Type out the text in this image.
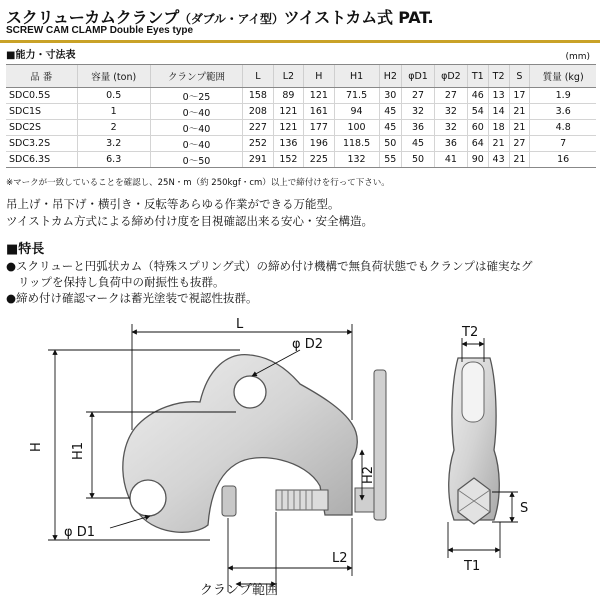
スクリューカムクランプ（ダブル・アイ型）ツイストカム式 PAT.
SCREW CAM CLAMP Double Eyes type
■能力・寸法表	(mm)
品 番	容量 (ton)	クランプ範囲	L	L2	H	H1	H2	φD1	φD2	T1	T2	S	質量 (kg)
SDC0.5S	0.5	0～25	158	89	121	71.5	30	27	27	46	13	17	1.9
SDC1S	1	0～40	208	121	161	94	45	32	32	54	14	21	3.6
SDC2S	2	0～40	227	121	177	100	45	36	32	60	18	21	4.8
SDC3.2S	3.2	0～40	252	136	196	118.5	50	45	36	64	21	27	7
SDC6.3S	6.3	0～50	291	152	225	132	55	50	41	90	43	21	16
※マークが一致していることを確認し、25N・m（約 250kgf・cm）以上で締付けを行って下さい。
吊上げ・吊下げ・横引き・反転等あらゆる作業ができる万能型。
ツイストカム方式による締め付け度を目視確認出来る安心・安全構造。
■特長
●スクリューと円弧状カム（特殊スプリング式）の締め付け機構で無負荷状態でもクランプは確実なグ
リップを保持し負荷中の耐振性も抜群。
●締め付け確認マークは蓄光塗装で視認性抜群。
L
φ D2
H H1
H2
φ D1
L2
クランプ範囲
T2
S
T1
